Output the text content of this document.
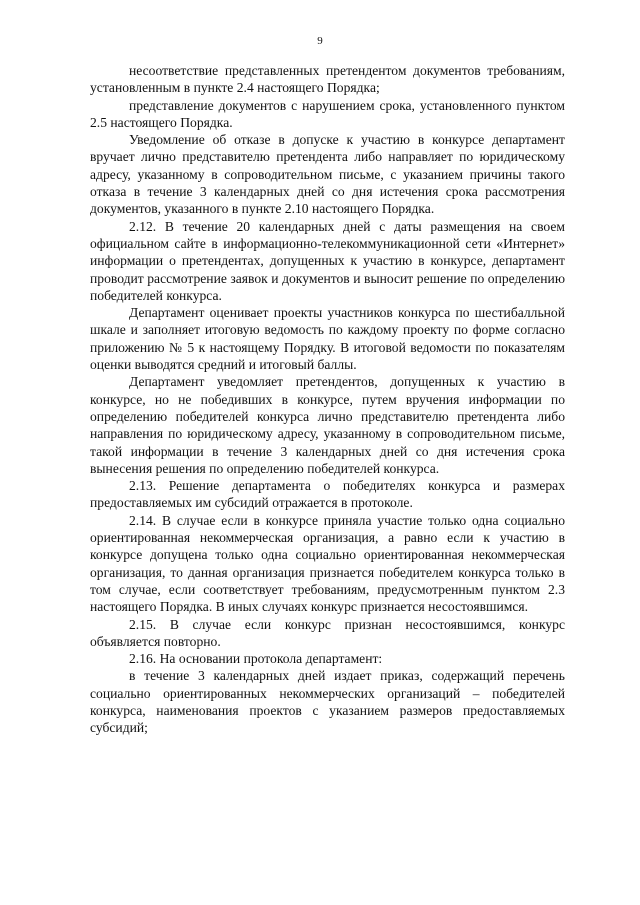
9

несоответствие представленных претендентом документов требованиям, установленным в пункте 2.4 настоящего Порядка;

представление документов с нарушением срока, установленного пунктом 2.5 настоящего Порядка.

Уведомление об отказе в допуске к участию в конкурсе департамент вручает лично представителю претендента либо направляет по юридическому адресу, указанному в сопроводительном письме, с указанием причины такого отказа в течение 3 календарных дней со дня истечения срока рассмотрения документов, указанного в пункте 2.10 настоящего Порядка.

2.12. В течение 20 календарных дней с даты размещения на своем официальном сайте в информационно-телекоммуникационной сети «Интернет» информации о претендентах, допущенных к участию в конкурсе, департамент проводит рассмотрение заявок и документов и выносит решение по определению победителей конкурса.

Департамент оценивает проекты участников конкурса по шестибалльной шкале и заполняет итоговую ведомость по каждому проекту по форме согласно приложению № 5 к настоящему Порядку. В итоговой ведомости по показателям оценки выводятся средний и итоговый баллы.

Департамент уведомляет претендентов, допущенных к участию в конкурсе, но не победивших в конкурсе, путем вручения информации по определению победителей конкурса лично представителю претендента либо направления по юридическому адресу, указанному в сопроводительном письме, такой информации в течение 3 календарных дней со дня истечения срока вынесения решения по определению победителей конкурса.

2.13. Решение департамента о победителях конкурса и размерах предоставляемых им субсидий отражается в протоколе.

2.14. В случае если в конкурсе приняла участие только одна социально ориентированная некоммерческая организация, а равно если к участию в конкурсе допущена только одна социально ориентированная некоммерческая организация, то данная организация признается победителем конкурса только в том случае, если соответствует требованиям, предусмотренным пунктом 2.3 настоящего Порядка. В иных случаях конкурс признается несостоявшимся.

2.15. В случае если конкурс признан несостоявшимся, конкурс объявляется повторно.

2.16. На основании протокола департамент:

в течение 3 календарных дней издает приказ, содержащий перечень социально ориентированных некоммерческих организаций – победителей конкурса, наименования проектов с указанием размеров предоставляемых субсидий;
